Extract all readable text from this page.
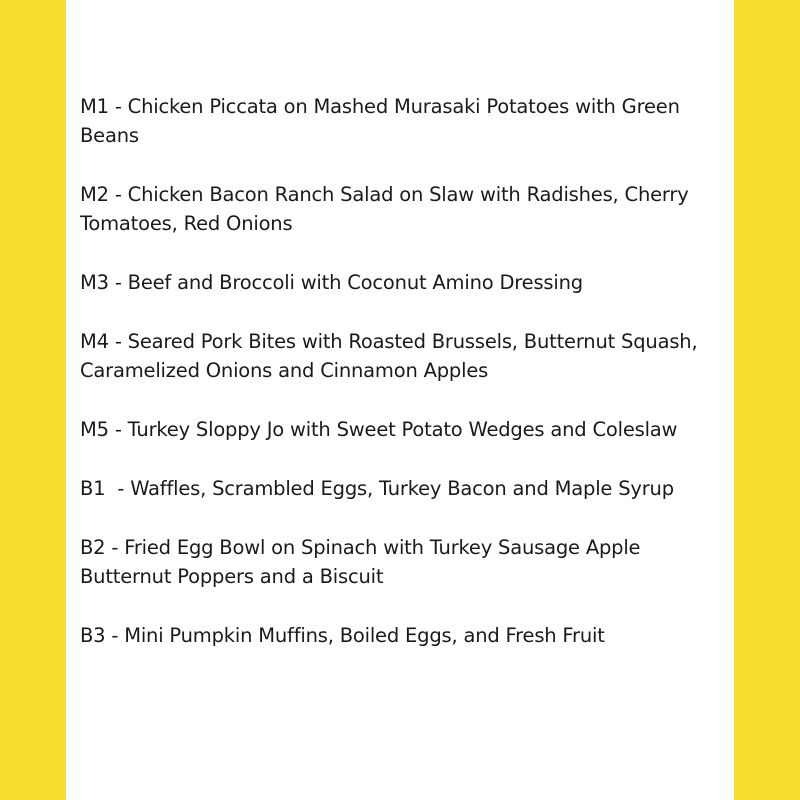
M1 - Chicken Piccata on Mashed Murasaki Potatoes with Green Beans
M2 - Chicken Bacon Ranch Salad on Slaw with Radishes, Cherry Tomatoes, Red Onions
M3 - Beef and Broccoli with Coconut Amino Dressing
M4 - Seared Pork Bites with Roasted Brussels, Butternut Squash, Caramelized Onions and Cinnamon Apples
M5 - Turkey Sloppy Jo with Sweet Potato Wedges and Coleslaw
B1  - Waffles, Scrambled Eggs, Turkey Bacon and Maple Syrup
B2 - Fried Egg Bowl on Spinach with Turkey Sausage Apple Butternut Poppers and a Biscuit
B3 - Mini Pumpkin Muffins, Boiled Eggs, and Fresh Fruit
